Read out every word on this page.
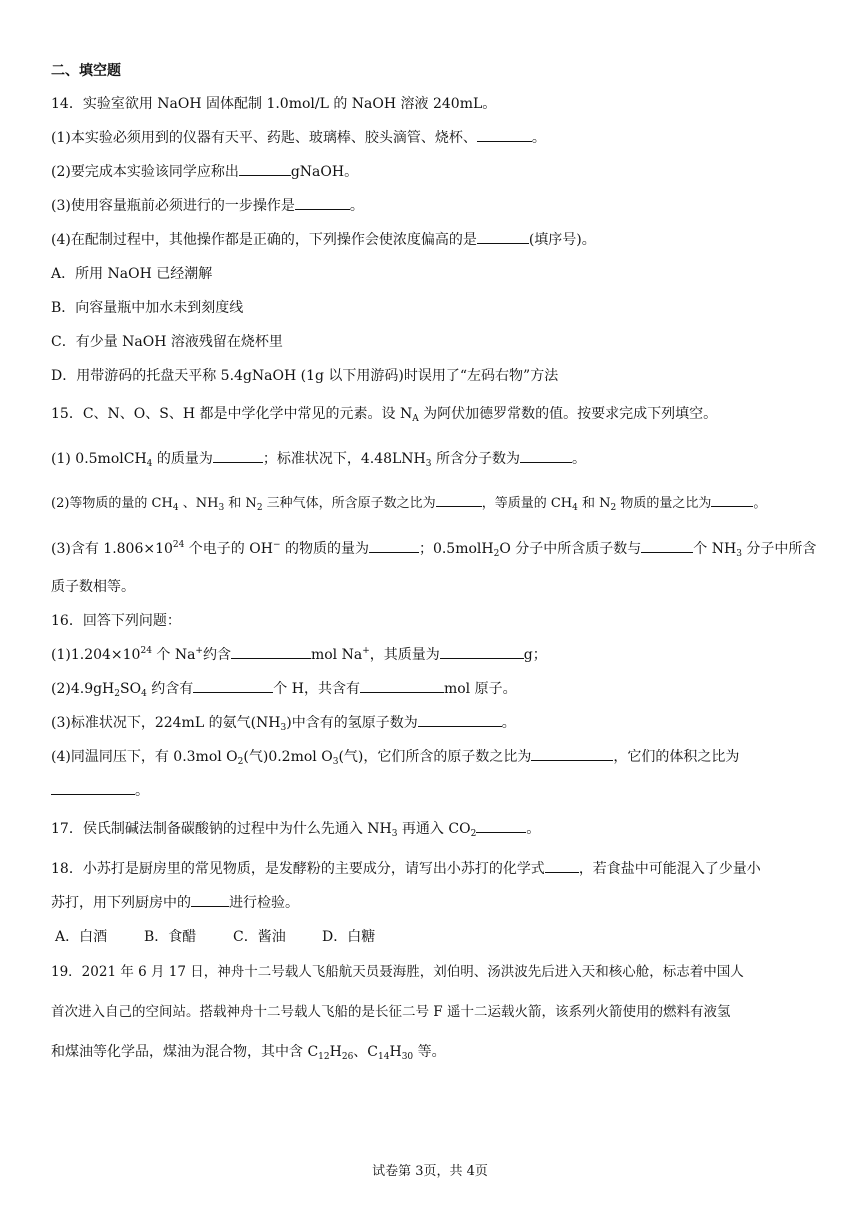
二、填空题
14．实验室欲用 NaOH 固体配制 1.0mol/L 的 NaOH 溶液 240mL。
(1)本实验必须用到的仪器有天平、药匙、玻璃棒、胶头滴管、烧杯、	。
(2)要完成本实验该同学应称出	gNaOH。
(3)使用容量瓶前必须进行的一步操作是	。
(4)在配制过程中，其他操作都是正确的，下列操作会使浓度偏高的是	(填序号)。
A．所用 NaOH 已经潮解
B．向容量瓶中加水未到刻度线
C．有少量 NaOH 溶液残留在烧杯里
D．用带游码的托盘天平称 5.4gNaOH (1g 以下用游码)时误用了“左码右物”方法
15．C、N、O、S、H 都是中学化学中常见的元素。设 $N_A$ 为阿伏加德罗常数的值。按要求完成下列填空。
(1) 0.5molCH$_4$ 的质量为	；标准状况下，$4.48LNH_3$ 所含分子数为	。
(2)等物质的量的 $CH_4$ 、$NH_3$ 和 $N_2$ 三种气体，所含原子数之比为	，等质量的 $CH_4$ 和 $N_2$ 物质的量之比为	。
(3)含有 $1.806\times 10^{24}$ 个电子的 OH− 的物质的量为	；0.5molH$_2$O 分子中所含质子数与	个 $NH_3$ 分子中所含
质子数相等。
16．回答下列问题：
$(1)1.204\times 10^{24}$ 个 Na+约含	mol Na+，其质量为	g；
$(2)4.9gH_2SO_4$ 约含有	个 H，共含有	mol 原子。
(3)标准状况下，224mL 的氨气$(NH_3)$中含有的氢原子数为	。
(4)同温同压下，有 0.3mol $O_2$(气)0.2mol $O_3$(气)，它们所含的原子数之比为	，它们的体积之比为
。
17．侯氏制碱法制备碳酸钠的过程中为什么先通入 $NH_3$ 再通入 $CO_2$	。
18．小苏打是厨房里的常见物质，是发酵粉的主要成分，请写出小苏打的化学式 ，若食盐中可能混入了少量小
苏打，用下列厨房中的	进行检验。
A．白酒	B．食醋	C．酱油	D．白糖
19．2021 年 6 月 17 日，神舟十二号载人飞船航天员聂海胜，刘伯明、汤洪波先后进入天和核心舱，标志着中国人
首次进入自己的空间站。搭载神舟十二号载人飞船的是长征二号 F 遥十二运载火箭，该系列火箭使用的燃料有液氢
和煤油等化学品，煤油为混合物，其中含 $C_{12}H_{26}$、$C_{14}H_{30}$ 等。
试卷第 3页，共 4页
